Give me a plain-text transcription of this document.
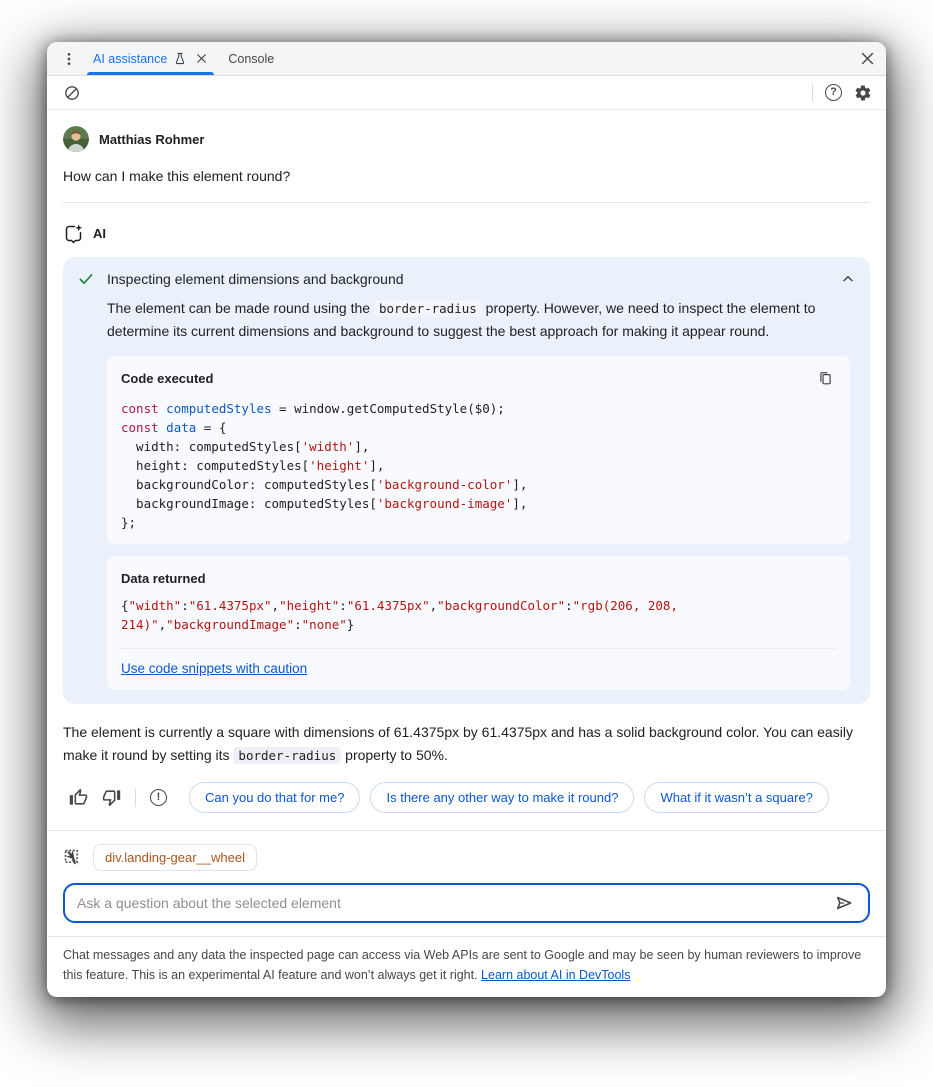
AI assistance	Console
?
Matthias Rohmer
How can I make this element round?
AI
Inspecting element dimensions and background

The element can be made round using the border-radius property. However, we need to inspect the element to determine its current dimensions and background to suggest the best approach for making it appear round.

Code executed
const computedStyles = window.getComputedStyle($0);
const data = {
width: computedStyles['width'],
height: computedStyles['height'],
backgroundColor: computedStyles['background-color'],
backgroundImage: computedStyles['background-image'],
};
Data returned
{"width":"61.4375px","height":"61.4375px","backgroundColor":"rgb(206, 208, 214)","backgroundImage":"none"}
Use code snippets with caution

The element is currently a square with dimensions of 61.4375px by 61.4375px and has a solid background color. You can easily make it round by setting its border-radius property to 50%.

!	Can you do that for me?	Is there any other way to make it round?	What if it wasn’t a square?
div.landing-gear__wheel
Ask a question about the selected element
Chat messages and any data the inspected page can access via Web APIs are sent to Google and may be seen by human reviewers to improve this feature. This is an experimental AI feature and won’t always get it right. Learn about AI in DevTools
